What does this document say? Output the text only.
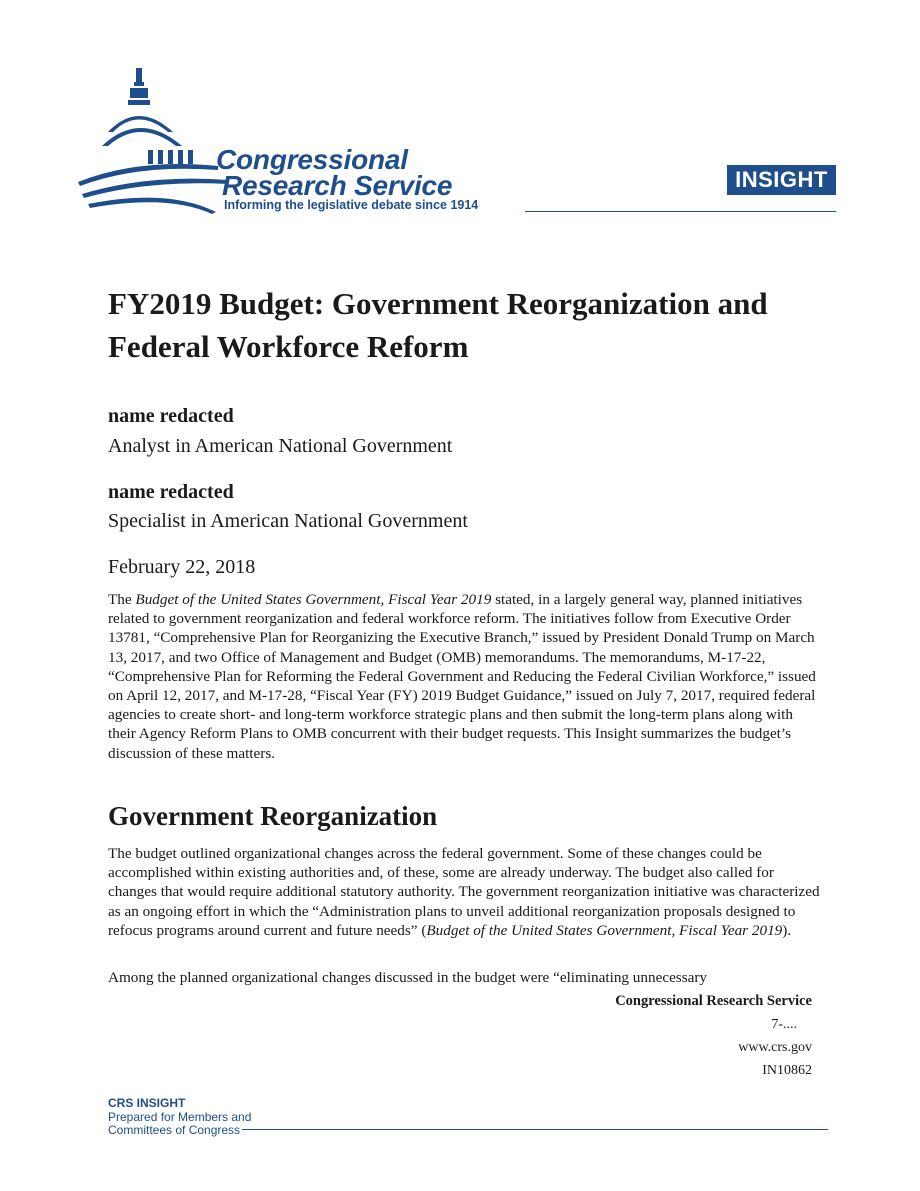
Congressional
Research Service
Informing the legislative debate since 1914
INSIGHT
FY2019 Budget: Government Reorganization and Federal Workforce Reform
name redacted
Analyst in American National Government
name redacted
Specialist in American National Government
February 22, 2018

The Budget of the United States Government, Fiscal Year 2019 stated, in a largely general way, planned initiatives related to government reorganization and federal workforce reform. The initiatives follow from Executive Order 13781, “Comprehensive Plan for Reorganizing the Executive Branch,” issued by President Donald Trump on March 13, 2017, and two Office of Management and Budget (OMB) memorandums. The memorandums, M-17-22, “Comprehensive Plan for Reforming the Federal Government and Reducing the Federal Civilian Workforce,” issued on April 12, 2017, and M-17-28, “Fiscal Year (FY) 2019 Budget Guidance,” issued on July 7, 2017, required federal agencies to create short- and long-term workforce strategic plans and then submit the long-term plans along with their Agency Reform Plans to OMB concurrent with their budget requests. This Insight summarizes the budget’s discussion of these matters.

Government Reorganization

The budget outlined organizational changes across the federal government. Some of these changes could be accomplished within existing authorities and, of these, some are already underway. The budget also called for changes that would require additional statutory authority. The government reorganization initiative was characterized as an ongoing effort in which the “Administration plans to unveil additional reorganization proposals designed to refocus programs around current and future needs” (Budget of the United States Government, Fiscal Year 2019).

Among the planned organizational changes discussed in the budget were “eliminating unnecessary

Congressional Research Service
7-....
www.crs.gov
IN10862
CRS INSIGHT
Prepared for Members and
Committees of Congress
